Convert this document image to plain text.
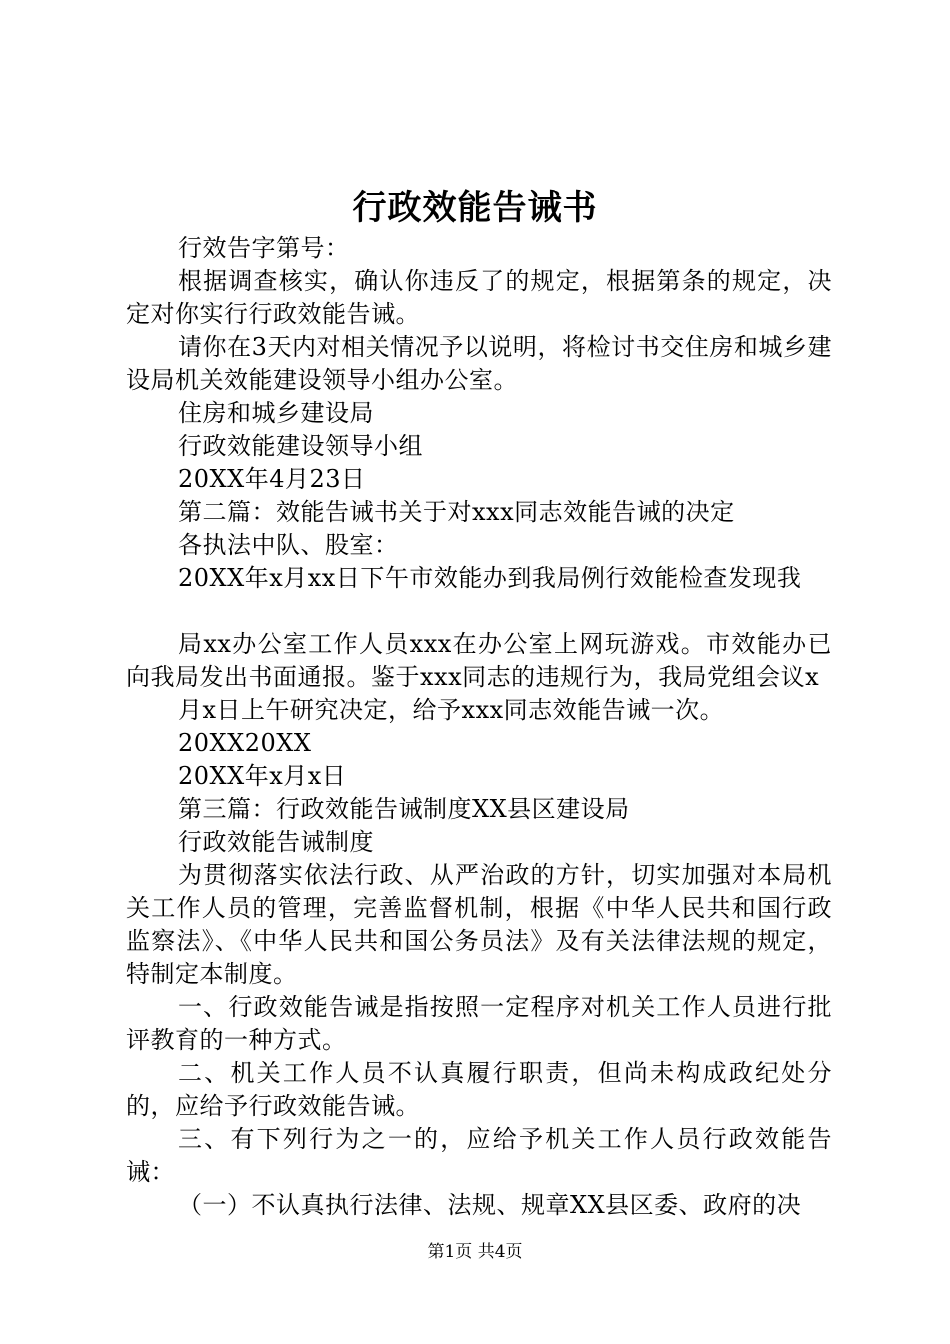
行政效能告诫书

行效告字第号：

根据调查核实，确认你违反了的规定，根据第条的规定，决定对你实行行政效能告诫。

请你在3天内对相关情况予以说明，将检讨书交住房和城乡建设局机关效能建设领导小组办公室。

住房和城乡建设局

行政效能建设领导小组

20XX年4月23日

第二篇：效能告诫书关于对xxx同志效能告诫的决定

各执法中队、股室：

20XX年x月xx日下午市效能办到我局例行效能检查发现我

局xx办公室工作人员xxx在办公室上网玩游戏。市效能办已向我局发出书面通报。鉴于xxx同志的违规行为，我局党组会议x

月x日上午研究决定，给予xxx同志效能告诫一次。

20XX20XX

20XX年x月x日

第三篇：行政效能告诫制度XX县区建设局

行政效能告诫制度

为贯彻落实依法行政、从严治政的方针，切实加强对本局机关工作人员的管理，完善监督机制，根据《中华人民共和国行政监察法》、《中华人民共和国公务员法》及有关法律法规的规定，特制定本制度。

一、行政效能告诫是指按照一定程序对机关工作人员进行批评教育的一种方式。

二、机关工作人员不认真履行职责，但尚未构成政纪处分的，应给予行政效能告诫。

三、有下列行为之一的，应给予机关工作人员行政效能告诫：

（一）不认真执行法律、法规、规章XX县区委、政府的决

第1页 共4页
